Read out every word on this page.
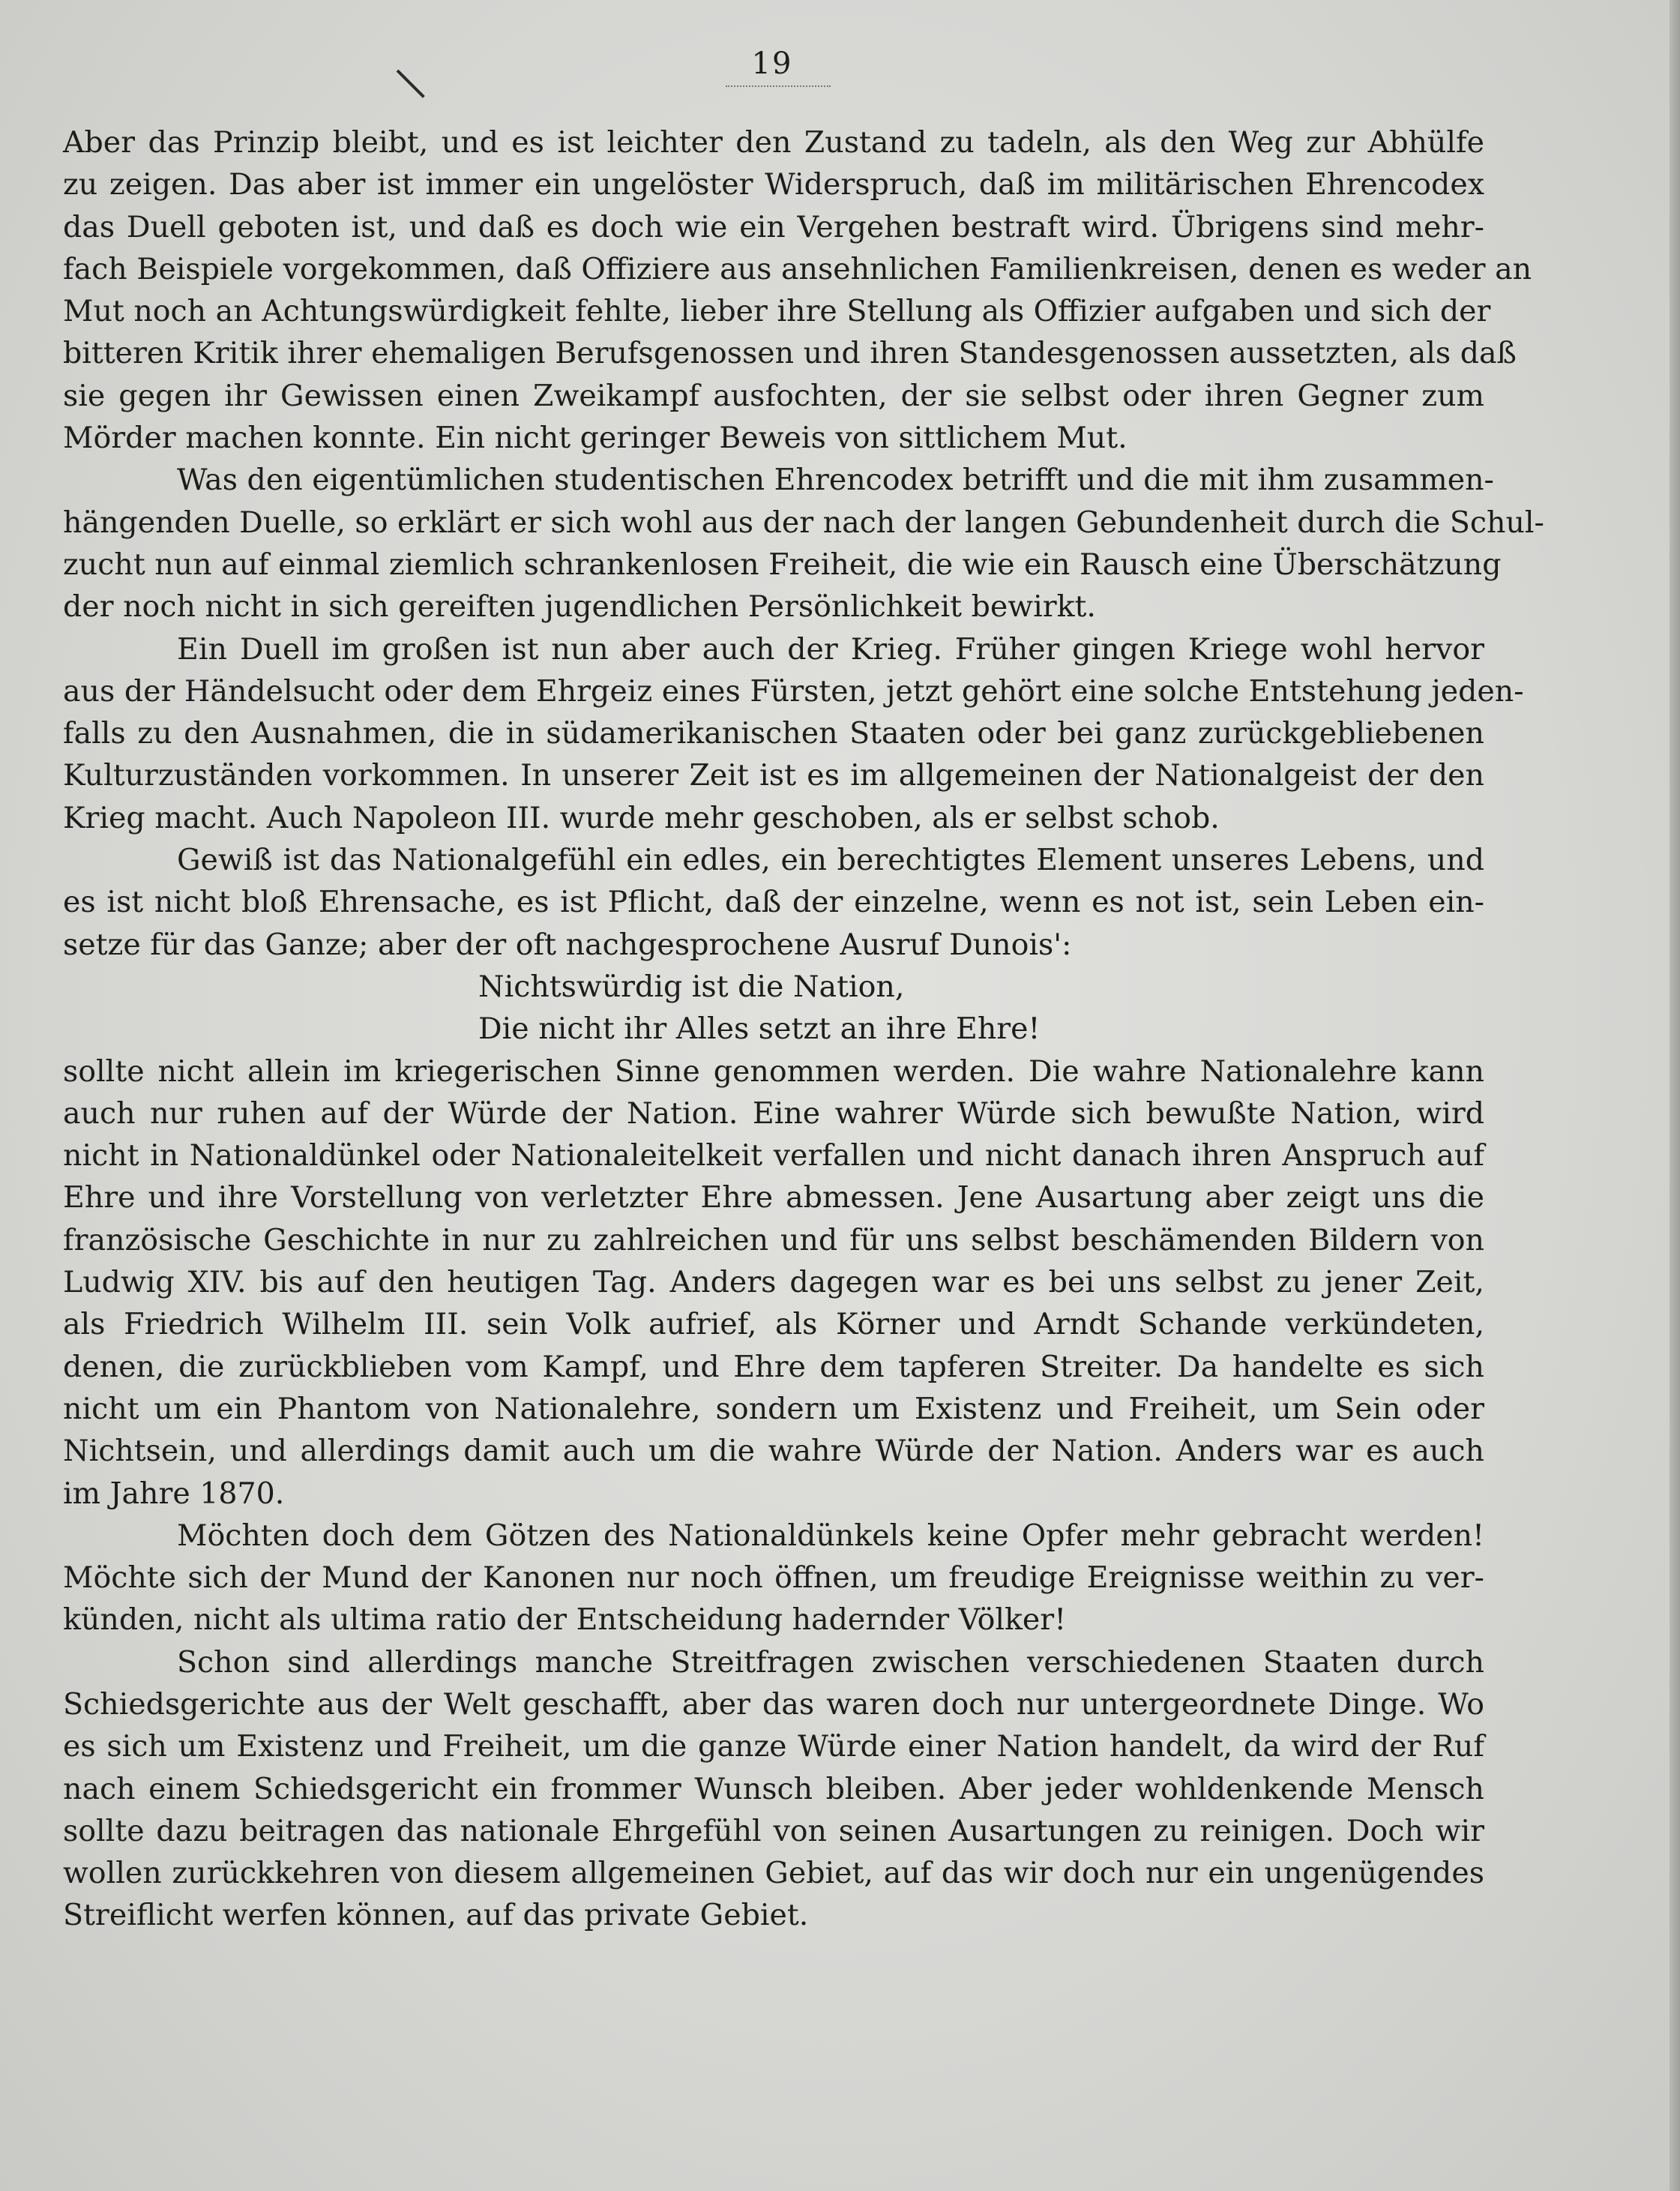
19

Aber das Prinzip bleibt, und es ist leichter den Zustand zu tadeln, als den Weg zur Abhülfe

zu zeigen. Das aber ist immer ein ungelöster Widerspruch, daß im militärischen Ehrencodex

das Duell geboten ist, und daß es doch wie ein Vergehen bestraft wird. Übrigens sind mehr-

fach Beispiele vorgekommen, daß Offiziere aus ansehnlichen Familienkreisen, denen es weder an

Mut noch an Achtungswürdigkeit fehlte, lieber ihre Stellung als Offizier aufgaben und sich der

bitteren Kritik ihrer ehemaligen Berufsgenossen und ihren Standesgenossen aussetzten, als daß

sie gegen ihr Gewissen einen Zweikampf ausfochten, der sie selbst oder ihren Gegner zum

Mörder machen konnte. Ein nicht geringer Beweis von sittlichem Mut.

Was den eigentümlichen studentischen Ehrencodex betrifft und die mit ihm zusammen-

hängenden Duelle, so erklärt er sich wohl aus der nach der langen Gebundenheit durch die Schul-

zucht nun auf einmal ziemlich schrankenlosen Freiheit, die wie ein Rausch eine Überschätzung

der noch nicht in sich gereiften jugendlichen Persönlichkeit bewirkt.

Ein Duell im großen ist nun aber auch der Krieg. Früher gingen Kriege wohl hervor

aus der Händelsucht oder dem Ehrgeiz eines Fürsten, jetzt gehört eine solche Entstehung jeden-

falls zu den Ausnahmen, die in südamerikanischen Staaten oder bei ganz zurückgebliebenen

Kulturzuständen vorkommen. In unserer Zeit ist es im allgemeinen der Nationalgeist der den

Krieg macht. Auch Napoleon III. wurde mehr geschoben, als er selbst schob.

Gewiß ist das Nationalgefühl ein edles, ein berechtigtes Element unseres Lebens, und

es ist nicht bloß Ehrensache, es ist Pflicht, daß der einzelne, wenn es not ist, sein Leben ein-

setze für das Ganze; aber der oft nachgesprochene Ausruf Dunois':

Nichtswürdig ist die Nation,

Die nicht ihr Alles setzt an ihre Ehre!

sollte nicht allein im kriegerischen Sinne genommen werden. Die wahre Nationalehre kann

auch nur ruhen auf der Würde der Nation. Eine wahrer Würde sich bewußte Nation, wird

nicht in Nationaldünkel oder Nationaleitelkeit verfallen und nicht danach ihren Anspruch auf

Ehre und ihre Vorstellung von verletzter Ehre abmessen. Jene Ausartung aber zeigt uns die

französische Geschichte in nur zu zahlreichen und für uns selbst beschämenden Bildern von

Ludwig XIV. bis auf den heutigen Tag. Anders dagegen war es bei uns selbst zu jener Zeit,

als Friedrich Wilhelm III. sein Volk aufrief, als Körner und Arndt Schande verkündeten,

denen, die zurückblieben vom Kampf, und Ehre dem tapferen Streiter. Da handelte es sich

nicht um ein Phantom von Nationalehre, sondern um Existenz und Freiheit, um Sein oder

Nichtsein, und allerdings damit auch um die wahre Würde der Nation. Anders war es auch

im Jahre 1870.

Möchten doch dem Götzen des Nationaldünkels keine Opfer mehr gebracht werden!

Möchte sich der Mund der Kanonen nur noch öffnen, um freudige Ereignisse weithin zu ver-

künden, nicht als ultima ratio der Entscheidung hadernder Völker!

Schon sind allerdings manche Streitfragen zwischen verschiedenen Staaten durch

Schiedsgerichte aus der Welt geschafft, aber das waren doch nur untergeordnete Dinge. Wo

es sich um Existenz und Freiheit, um die ganze Würde einer Nation handelt, da wird der Ruf

nach einem Schiedsgericht ein frommer Wunsch bleiben. Aber jeder wohldenkende Mensch

sollte dazu beitragen das nationale Ehrgefühl von seinen Ausartungen zu reinigen. Doch wir

wollen zurückkehren von diesem allgemeinen Gebiet, auf das wir doch nur ein ungenügendes

Streiflicht werfen können, auf das private Gebiet.
